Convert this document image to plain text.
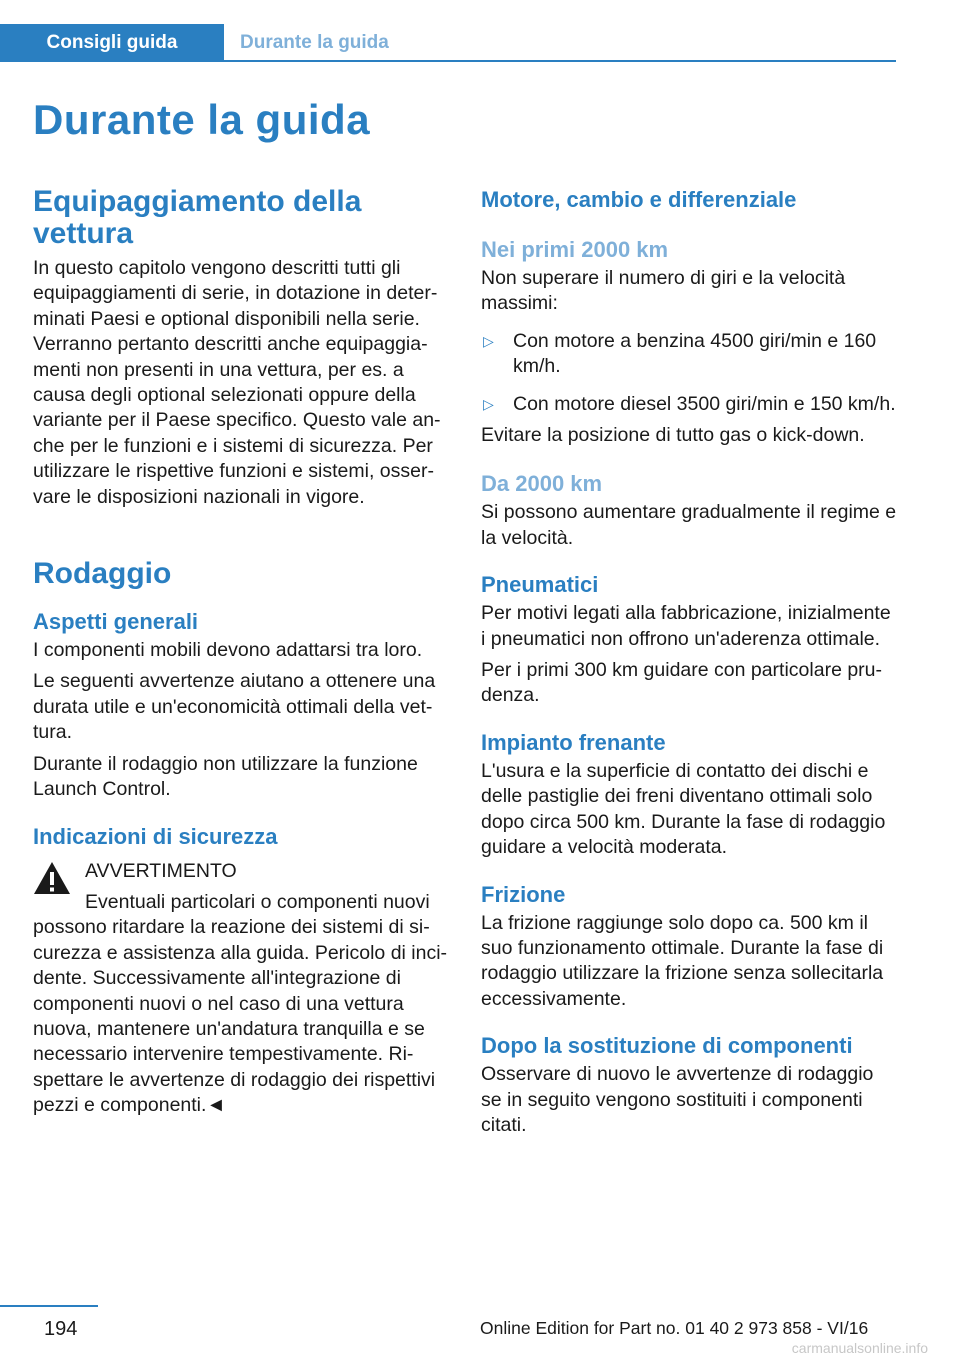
Consigli guida	Durante la guida
Durante la guida
Equipaggiamento della vettura

In questo capitolo vengono descritti tutti gli equipaggiamenti di serie, in dotazione in deter-minati Paesi e optional disponibili nella serie. Verranno pertanto descritti anche equipaggia-menti non presenti in una vettura, per es. a causa degli optional selezionati oppure della variante per il Paese specifico. Questo vale an-che per le funzioni e i sistemi di sicurezza. Per utilizzare le rispettive funzioni e sistemi, osser-vare le disposizioni nazionali in vigore.

Rodaggio
Aspetti generali

I componenti mobili devono adattarsi tra loro.

Le seguenti avvertenze aiutano a ottenere una durata utile e un'economicità ottimali della vet-tura.

Durante il rodaggio non utilizzare la funzione Launch Control.

Indicazioni di sicurezza

AVVERTIMENTO

Eventuali particolari o componenti nuovi possono ritardare la reazione dei sistemi di si-curezza e assistenza alla guida. Pericolo di inci-dente. Successivamente all'integrazione di componenti nuovi o nel caso di una vettura nuova, mantenere un'andatura tranquilla e se necessario intervenire tempestivamente. Ri-spettare le avvertenze di rodaggio dei rispettivi pezzi e componenti.◄

Motore, cambio e differenziale
Nei primi 2000 km

Non superare il numero di giri e la velocità massimi:

▷ Con motore a benzina 4500 giri/min e 160 km/h.
▷ Con motore diesel 3500 giri/min e 150 km/h.

Evitare la posizione di tutto gas o kick-down.

Da 2000 km

Si possono aumentare gradualmente il regime e la velocità.

Pneumatici

Per motivi legati alla fabbricazione, inizialmente i pneumatici non offrono un'aderenza ottimale.

Per i primi 300 km guidare con particolare pru-denza.

Impianto frenante

L'usura e la superficie di contatto dei dischi e delle pastiglie dei freni diventano ottimali solo dopo circa 500 km. Durante la fase di rodaggio guidare a velocità moderata.

Frizione

La frizione raggiunge solo dopo ca. 500 km il suo funzionamento ottimale. Durante la fase di rodaggio utilizzare la frizione senza sollecitarla eccessivamente.

Dopo la sostituzione di componenti

Osservare di nuovo le avvertenze di rodaggio se in seguito vengono sostituiti i componenti citati.

194	Online Edition for Part no. 01 40 2 973 858 - VI/16
carmanualsonline.info
